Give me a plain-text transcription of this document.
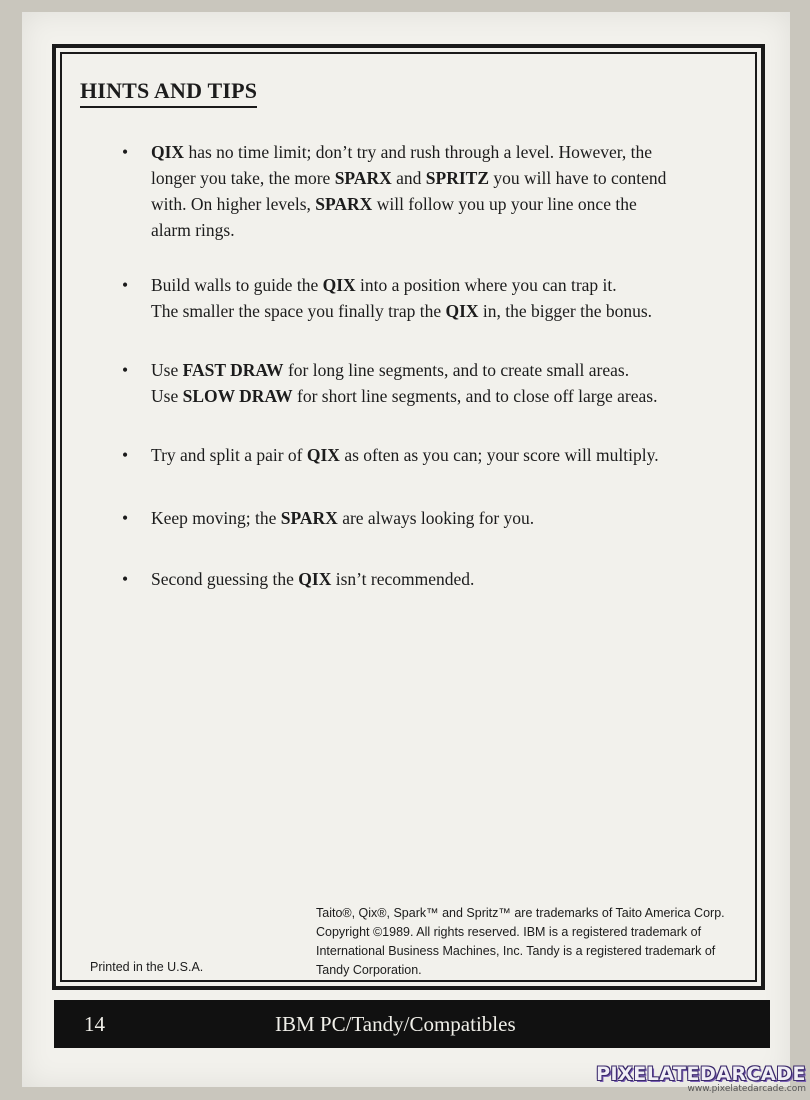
HINTS AND TIPS
•	QIX has no time limit; don’t try and rush through a level. However, the
longer you take, the more SPARX and SPRITZ you will have to contend
with. On higher levels, SPARX will follow you up your line once the
alarm rings.
•	Build walls to guide the QIX into a position where you can trap it.
The smaller the space you finally trap the QIX in, the bigger the bonus.
•	Use FAST DRAW for long line segments, and to create small areas.
Use SLOW DRAW for short line segments, and to close off large areas.
•	Try and split a pair of QIX as often as you can; your score will multiply.
•	Keep moving; the SPARX are always looking for you.
•	Second guessing the QIX isn’t recommended.
Taito®, Qix®, Spark™ and Spritz™ are trademarks of Taito America Corp.
Copyright ©1989. All rights reserved. IBM is a registered trademark of
International Business Machines, Inc. Tandy is a registered trademark of
Tandy Corporation.
Printed in the U.S.A.
14	IBM PC/Tandy/Compatibles
PIXELATEDARCADE
www.pixelatedarcade.com
